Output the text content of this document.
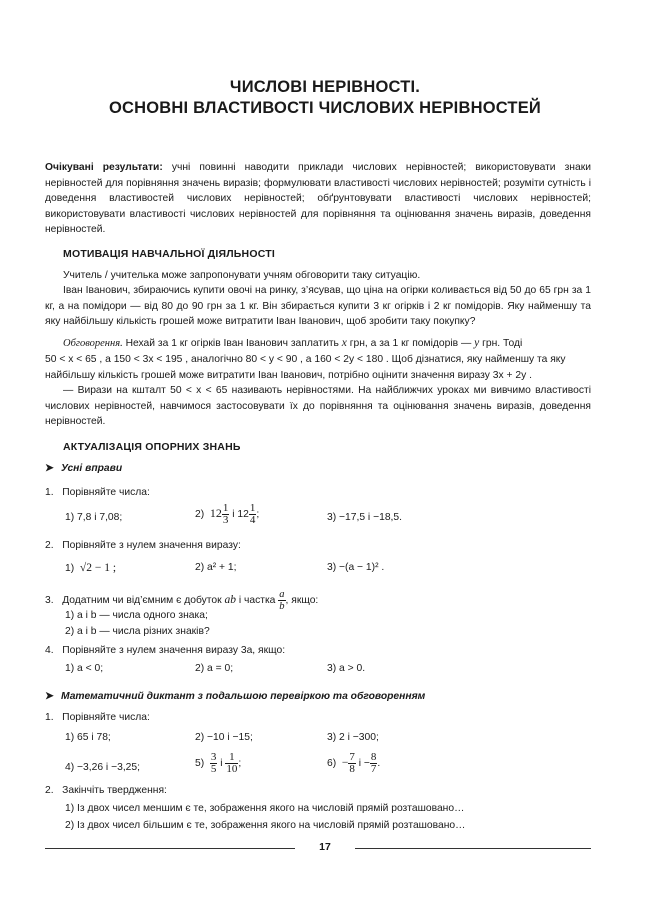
ЧИСЛОВІ НЕРІВНОСТІ.
ОСНОВНІ ВЛАСТИВОСТІ ЧИСЛОВИХ НЕРІВНОСТЕЙ
Очікувані результати: учні повинні наводити приклади числових нерівностей; використовувати знаки нерівностей для порівняння значень виразів; формулювати властивості числових нерівностей; розуміти сутність і доведення властивостей числових нерівностей; обґрунтовувати властивості числових нерівностей; використовувати властивості числових нерівностей для порівняння та оцінювання значень виразів, доведення нерівностей.
МОТИВАЦІЯ НАВЧАЛЬНОЇ ДІЯЛЬНОСТІ
Учитель / учителька може запропонувати учням обговорити таку ситуацію.
Іван Іванович, збираючись купити овочі на ринку, з’ясував, що ціна на огірки коливається від 50 до 65 грн за 1 кг, а на помідори — від 80 до 90 грн за 1 кг. Він збирається купити 3 кг огірків і 2 кг помідорів. Яку найменшу та яку найбільшу кількість грошей може витратити Іван Іванович, щоб зробити таку покупку?
Обговорення. Нехай за 1 кг огірків Іван Іванович заплатить x грн, а за 1 кг помідорів — y грн. Тоді
50 < x < 65 , а 150 < 3x < 195 , аналогічно 80 < y < 90 , а 160 < 2y < 180 . Щоб дізнатися, яку найменшу та яку
найбільшу кількість грошей може витратити Іван Іванович, потрібно оцінити значення виразу 3x + 2y .
— Вирази на кшталт 50 < x < 65 називають нерівностями. На найближчих уроках ми вивчимо властивості числових нерівностей, навчимося застосовувати їх до порівняння та оцінювання значень виразів, доведення нерівностей.
АКТУАЛІЗАЦІЯ ОПОРНИХ ЗНАНЬ
➤ Усні вправи
1. Порівняйте числа:
1) 7,8 і 7,08;	2) $12 \frac{1}{3}$ і $12 \frac{1}{4}$ ;	3) −17,5 і −18,5.
2. Порівняйте з нулем значення виразу:
1) √2 − 1 ;	2) a² + 1;	3) −(a − 1)² .
3. Додатним чи від’ємним є добуток ab і частка $\frac{a}{b}$ , якщо:
1) a і b — числа одного знака;
2) a і b — числа різних знаків?
4. Порівняйте з нулем значення виразу 3a, якщо:
1) a < 0;	2) a = 0;	3) a > 0.
➤ Математичний диктант з подальшою перевіркою та обговоренням
1.   Порівняйте числа:
1) 65 і 78;	2) −10 і −15;	3) 2 і −300;
4) −3,26 і −3,25;	$5) \frac{3}{5}$ і $\frac{1}{10}$ ;	$6) - \frac{7}{8}$ $і - \frac{8}{7}$ .
2.   Закінчіть твердження:
1) Із двох чисел меншим є те, зображення якого на числовій прямій розташовано…
2) Із двох чисел більшим є те, зображення якого на числовій прямій розташовано…
17
